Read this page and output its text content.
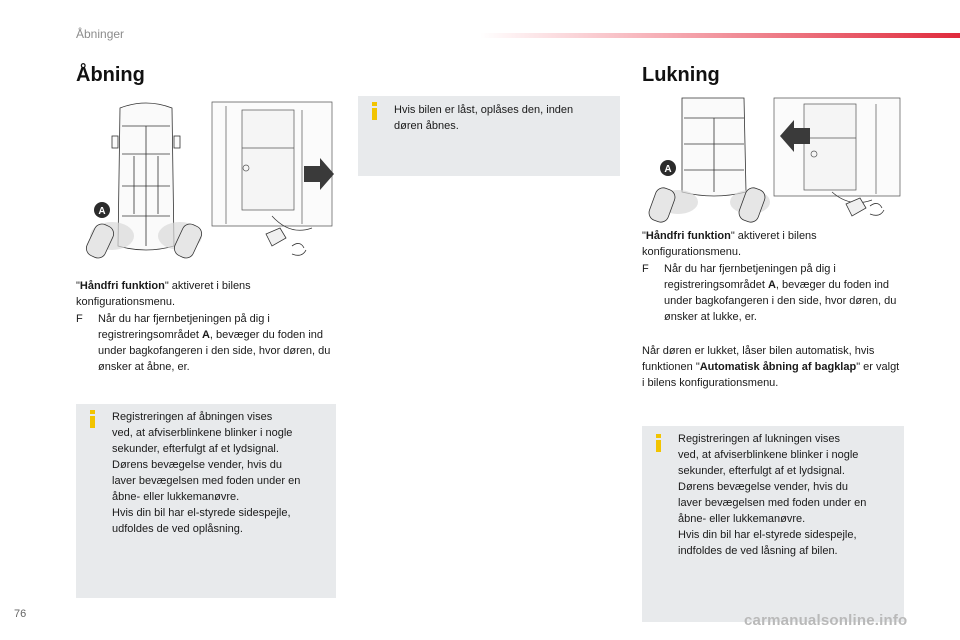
Åbninger
Åbning	Lukning
A
A
"Håndfri funktion" aktiveret i bilens konfigurationsmenu.
F	Når du har fjernbetjeningen på dig i registreringsområdet A, bevæger du foden ind under bagkofangeren i den side, hvor døren, du ønsker at åbne, er.
Hvis bilen er låst, oplåses den, inden døren åbnes.
Registreringen af åbningen vises
ved, at afviserblinkene blinker i nogle
sekunder, efterfulgt af et lydsignal.
Dørens bevægelse vender, hvis du
laver bevægelsen med foden under en
åbne- eller lukkemanøvre.
Hvis din bil har el-styrede sidespejle,
udfoldes de ved oplåsning.
"Håndfri funktion" aktiveret i bilens konfigurationsmenu.
F	Når du har fjernbetjeningen på dig i registreringsområdet A, bevæger du foden ind under bagkofangeren i den side, hvor døren, du ønsker at lukke, er.
Når døren er lukket, låser bilen automatisk, hvis funktionen "Automatisk åbning af bagklap" er valgt i bilens konfigurationsmenu.
Registreringen af lukningen vises
ved, at afviserblinkene blinker i nogle
sekunder, efterfulgt af et lydsignal.
Dørens bevægelse vender, hvis du
laver bevægelsen med foden under en
åbne- eller lukkemanøvre.
Hvis din bil har el-styrede sidespejle,
indfoldes de ved låsning af bilen.
76	carmanualsonline.info
